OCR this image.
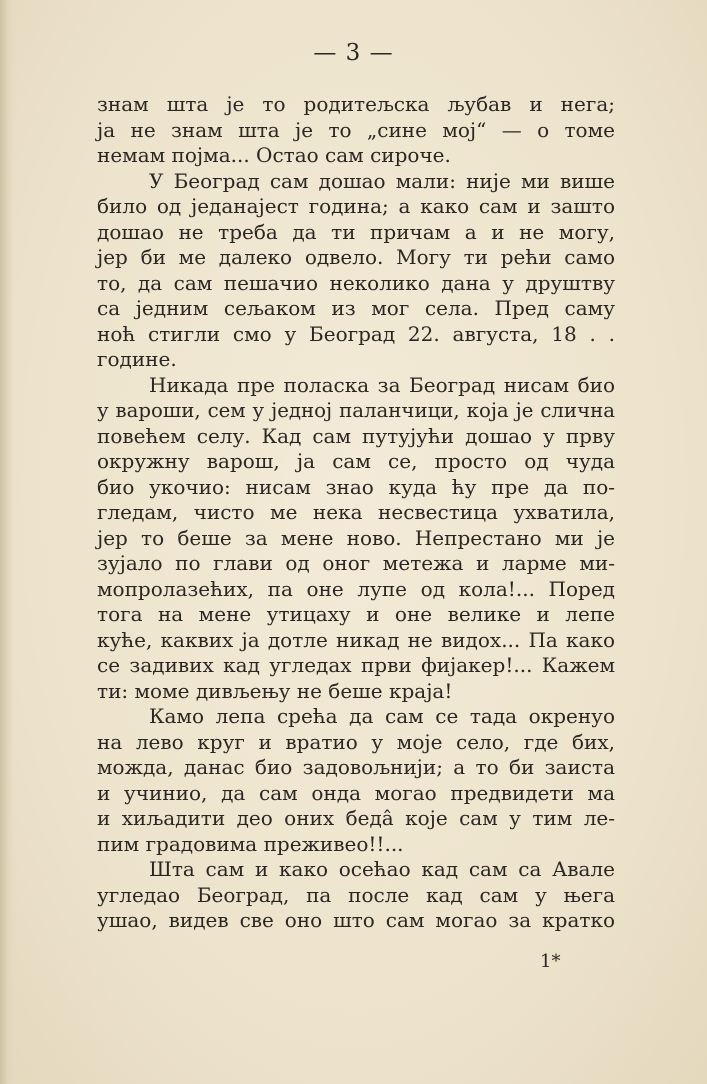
— 3 —
знам шта је то родитељска љубав и нега;
ја не знам шта је то „сине мој“ — о томе
немам појма... Остао сам сироче.
У Београд сам дошао мали: није ми више
било од једанајест година; а како сам и зашто
дошао не треба да ти причам а и не могу,
јер би ме далеко одвело. Могу ти рећи само
то, да сам пешачио неколико дана у друштву
са једним сељаком из мог села. Пред саму
ноћ стигли смо у Београд 22. августа, 18 . .
године.
Никада пре поласка за Београд нисам био
у вароши, сем у једној паланчици, која је слична
повећем селу. Кад сам путујући дошао у прву
окружну варош, ја сам се, просто од чуда
био укочио: нисам знао куда ћу пре да по-
гледам, чисто ме нека несвестица ухватила,
јер то беше за мене ново. Непрестано ми је
зујало по глави од оног метежа и ларме ми-
мопролазећих, па оне лупе од кола!... Поред
тога на мене утицаху и оне велике и лепе
куће, каквих ја дотле никад не видох... Па како
се задивих кад угледах први фијакер!... Кажем
ти: моме дивљењу не беше краја!
Камо лепа срећа да сам се тада окренуо
на лево круг и вратио у моје село, где бих,
можда, данас био задовољнији; а то би заиста
и учинио, да сам онда могао предвидети ма
и хиљадити део оних беда̂ које сам у тим ле-
пим градовима преживео!!...
Шта сам и како осећао кад сам са Авале
угледао Београд, па после кад сам у њега
ушао, видев све оно што сам могао за кратко
1*
